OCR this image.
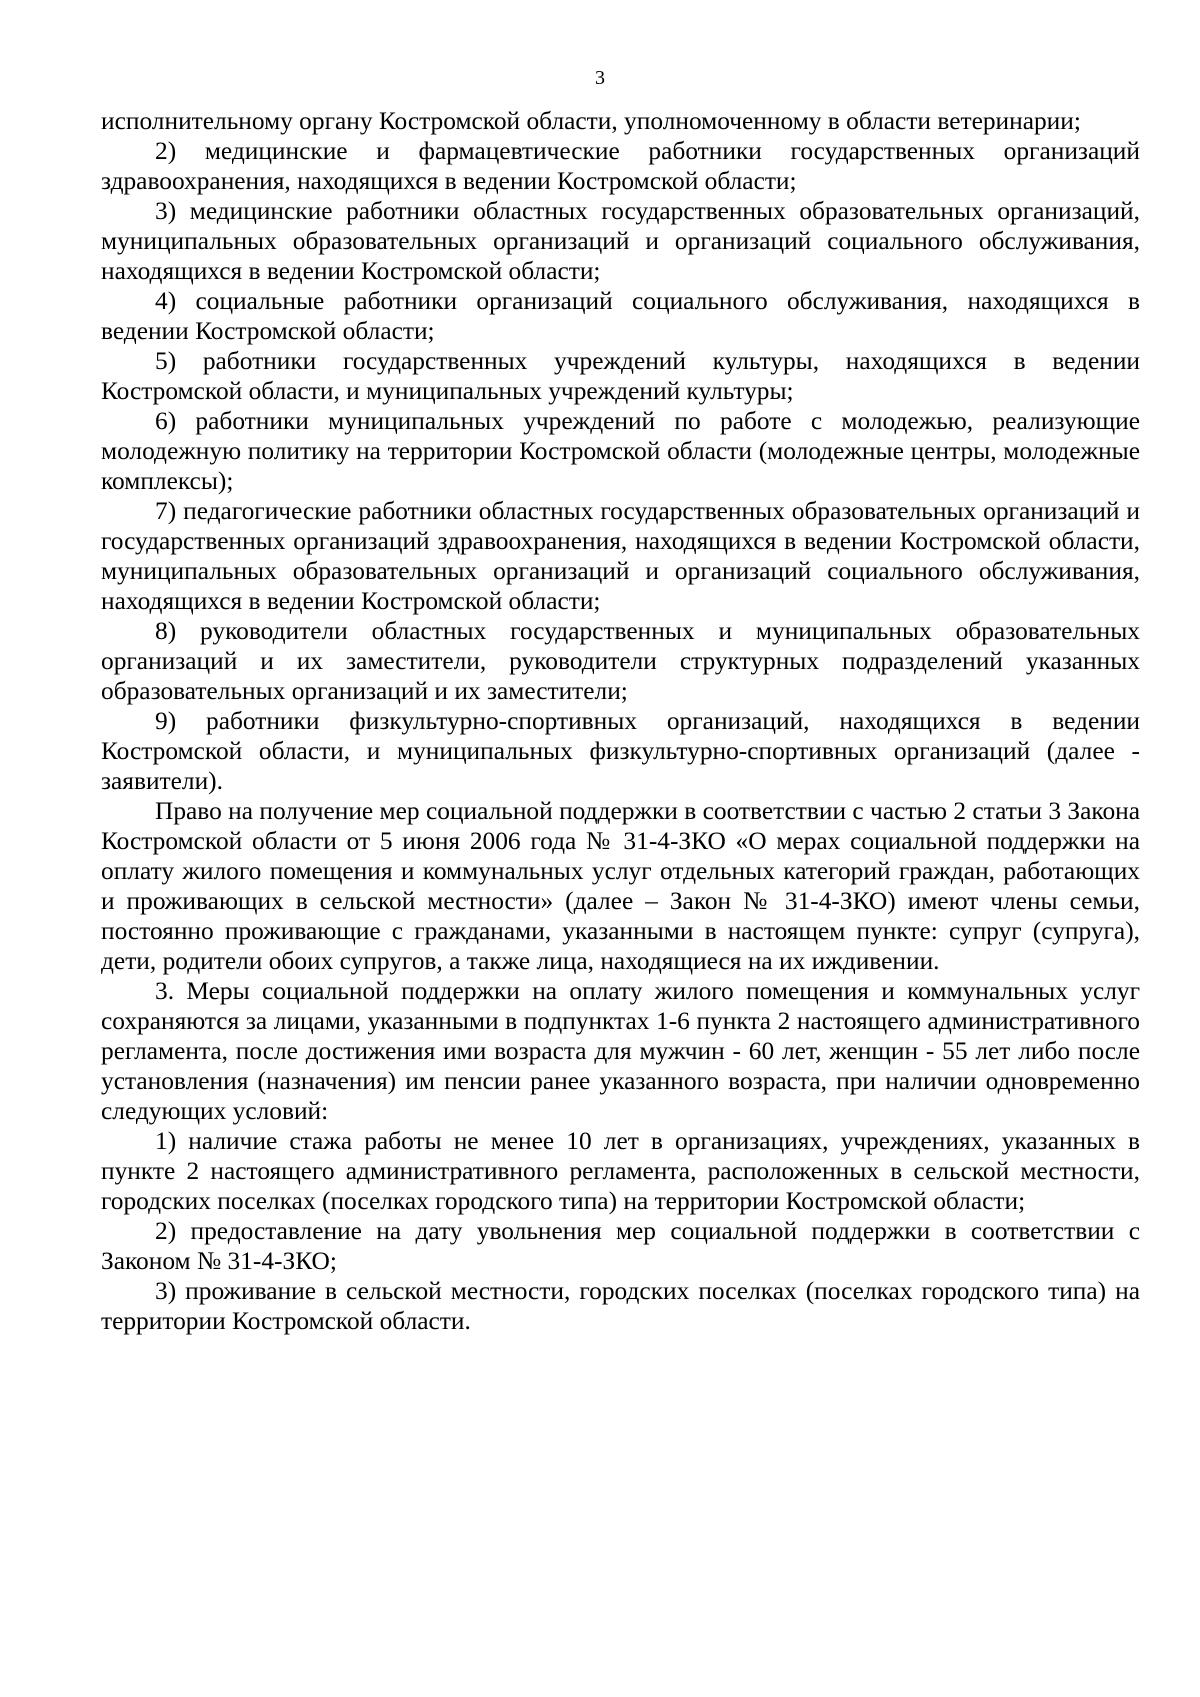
3

исполнительному органу Костромской области, уполномоченному в области ветеринарии;

2) медицинские и фармацевтические работники государственных организаций здравоохранения, находящихся в ведении Костромской области;

3) медицинские работники областных государственных образовательных организаций, муниципальных образовательных организаций и организаций социального обслуживания, находящихся в ведении Костромской области;

4) социальные работники организаций социального обслуживания, находящихся в ведении Костромской области;

5) работники государственных учреждений культуры, находящихся в ведении Костромской области, и муниципальных учреждений культуры;

6) работники муниципальных учреждений по работе с молодежью, реализующие молодежную политику на территории Костромской области (молодежные центры, молодежные комплексы);

7) педагогические работники областных государственных образовательных организаций и государственных организаций здравоохранения, находящихся в ведении Костромской области, муниципальных образовательных организаций и организаций социального обслуживания, находящихся в ведении Костромской области;

8) руководители областных государственных и муниципальных образовательных организаций и их заместители, руководители структурных подразделений указанных образовательных организаций и их заместители;

9) работники физкультурно-спортивных организаций, находящихся в ведении Костромской области, и муниципальных физкультурно-спортивных организаций (далее - заявители).

Право на получение мер социальной поддержки в соответствии с частью 2 статьи 3 Закона Костромской области от 5 июня 2006 года № 31-4-ЗКО «О мерах социальной поддержки на оплату жилого помещения и коммунальных услуг отдельных категорий граждан, работающих и проживающих в сельской местности» (далее – Закон № 31-4-ЗКО) имеют члены семьи, постоянно проживающие с гражданами, указанными в настоящем пункте: супруг (супруга), дети, родители обоих супругов, а также лица, находящиеся на их иждивении.

3. Меры социальной поддержки на оплату жилого помещения и коммунальных услуг сохраняются за лицами, указанными в подпунктах 1-6 пункта 2 настоящего административного регламента, после достижения ими возраста для мужчин - 60 лет, женщин - 55 лет либо после установления (назначения) им пенсии ранее указанного возраста, при наличии одновременно следующих условий:

1) наличие стажа работы не менее 10 лет в организациях, учреждениях, указанных в пункте 2 настоящего административного регламента, расположенных в сельской местности, городских поселках (поселках городского типа) на территории Костромской области;

2) предоставление на дату увольнения мер социальной поддержки в соответствии с Законом № 31-4-ЗКО;

3) проживание в сельской местности, городских поселках (поселках городского типа) на территории Костромской области.
